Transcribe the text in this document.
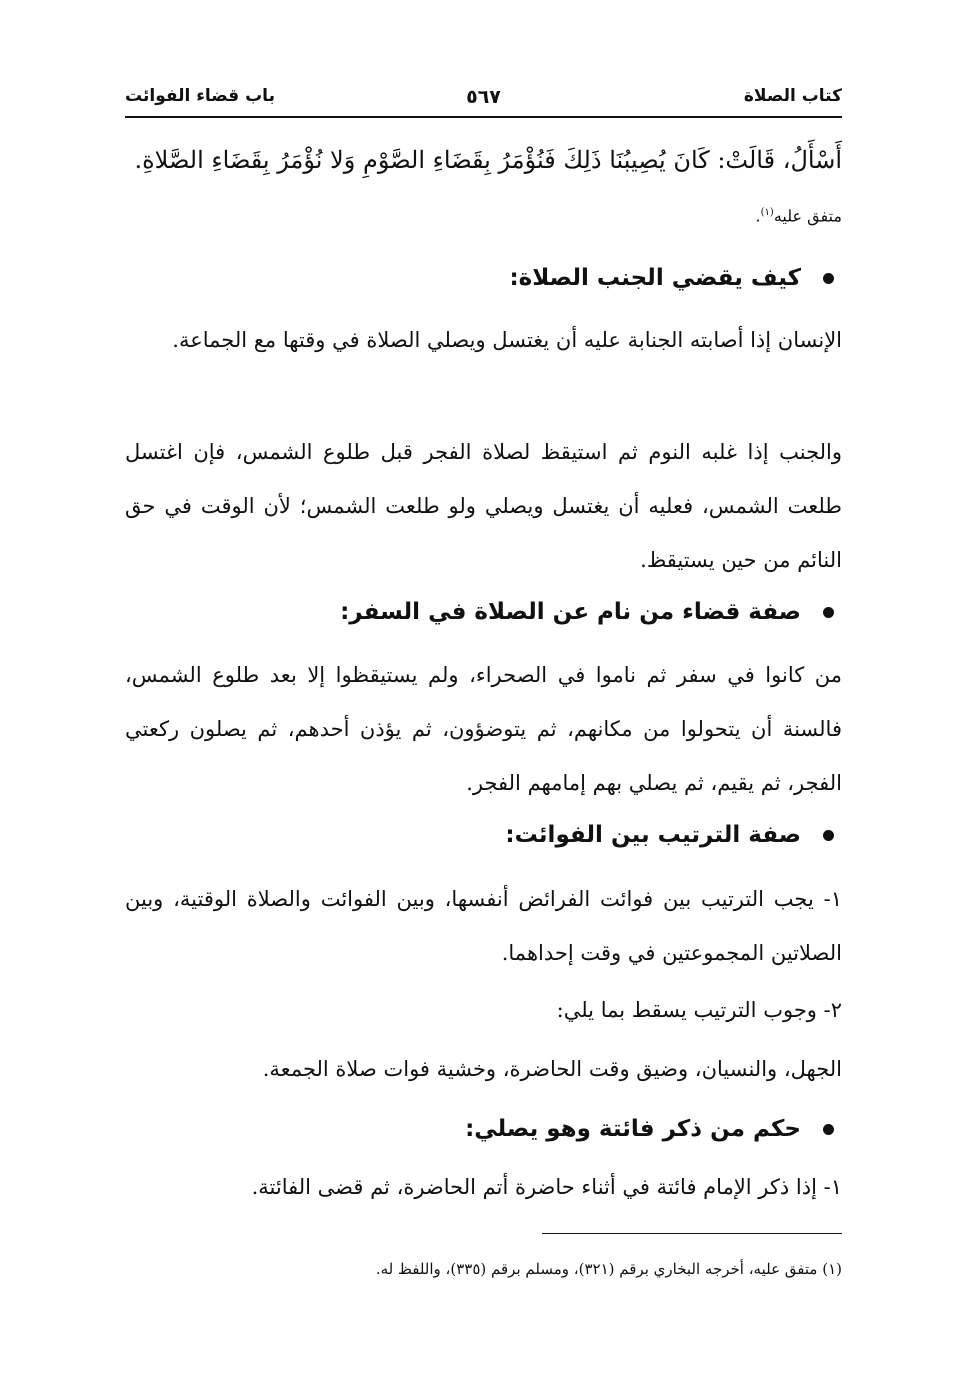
كتاب الصلاة
٥٦٧
باب قضاء الفوائت
أَسْأَلُ، قَالَتْ: كَانَ يُصِيبُنَا ذَلِكَ فَنُؤْمَرُ بِقَضَاءِ الصَّوْمِ وَلا نُؤْمَرُ بِقَضَاءِ الصَّلاةِ.
متفق عليه$^{(١)}$.
كيف يقضي الجنب الصلاة:
الإنسان إذا أصابته الجنابة عليه أن يغتسل ويصلي الصلاة في وقتها مع الجماعة.
والجنب إذا غلبه النوم ثم استيقظ لصلاة الفجر قبل طلوع الشمس، فإن اغتسل طلعت الشمس، فعليه أن يغتسل ويصلي ولو طلعت الشمس؛ لأن الوقت في حق النائم من حين يستيقظ.
صفة قضاء من نام عن الصلاة في السفر:
من كانوا في سفر ثم ناموا في الصحراء، ولم يستيقظوا إلا بعد طلوع الشمس، فالسنة أن يتحولوا من مكانهم، ثم يتوضؤون، ثم يؤذن أحدهم، ثم يصلون ركعتي الفجر، ثم يقيم، ثم يصلي بهم إمامهم الفجر.
صفة الترتيب بين الفوائت:
١- يجب الترتيب بين فوائت الفرائض أنفسها، وبين الفوائت والصلاة الوقتية، وبين الصلاتين المجموعتين في وقت إحداهما.
٢- وجوب الترتيب يسقط بما يلي:
الجهل، والنسيان، وضيق وقت الحاضرة، وخشية فوات صلاة الجمعة.
حكم من ذكر فائتة وهو يصلي:
١- إذا ذكر الإمام فائتة في أثناء حاضرة أتم الحاضرة، ثم قضى الفائتة.
(١) متفق عليه، أخرجه البخاري برقم (٣٢١)، ومسلم برقم (٣٣٥)، واللفظ له.
